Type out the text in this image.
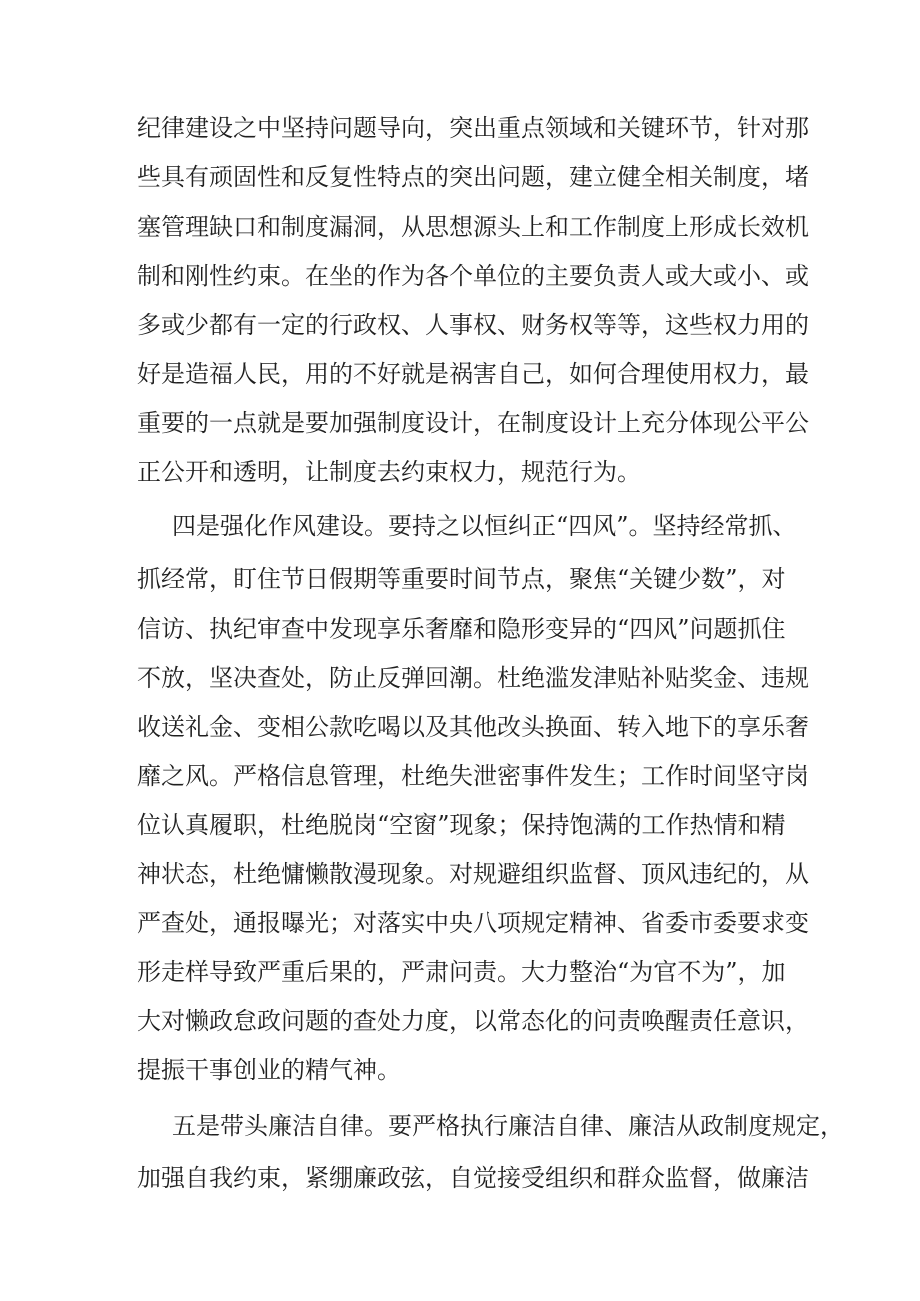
纪律建设之中坚持问题导向，突出重点领域和关键环节，针对那
些具有顽固性和反复性特点的突出问题，建立健全相关制度，堵
塞管理缺口和制度漏洞，从思想源头上和工作制度上形成长效机
制和刚性约束。在坐的作为各个单位的主要负责人或大或小、或
多或少都有一定的行政权、人事权、财务权等等，这些权力用的
好是造福人民，用的不好就是祸害自己，如何合理使用权力，最
重要的一点就是要加强制度设计，在制度设计上充分体现公平公
正公开和透明，让制度去约束权力，规范行为。
四是强化作风建设。要持之以恒纠正“四风”。坚持经常抓、
抓经常，盯住节日假期等重要时间节点，聚焦“关键少数”，对
信访、执纪审查中发现享乐奢靡和隐形变异的“四风”问题抓住
不放，坚决查处，防止反弹回潮。杜绝滥发津贴补贴奖金、违规
收送礼金、变相公款吃喝以及其他改头换面、转入地下的享乐奢
靡之风。严格信息管理，杜绝失泄密事件发生；工作时间坚守岗
位认真履职，杜绝脱岗“空窗”现象；保持饱满的工作热情和精
神状态，杜绝慵懒散漫现象。对规避组织监督、顶风违纪的，从
严查处，通报曝光；对落实中央八项规定精神、省委市委要求变
形走样导致严重后果的，严肃问责。大力整治“为官不为”，加
大对懒政怠政问题的查处力度，以常态化的问责唤醒责任意识，
提振干事创业的精气神。
五是带头廉洁自律。要严格执行廉洁自律、廉洁从政制度规定，
加强自我约束，紧绷廉政弦，自觉接受组织和群众监督，做廉洁
